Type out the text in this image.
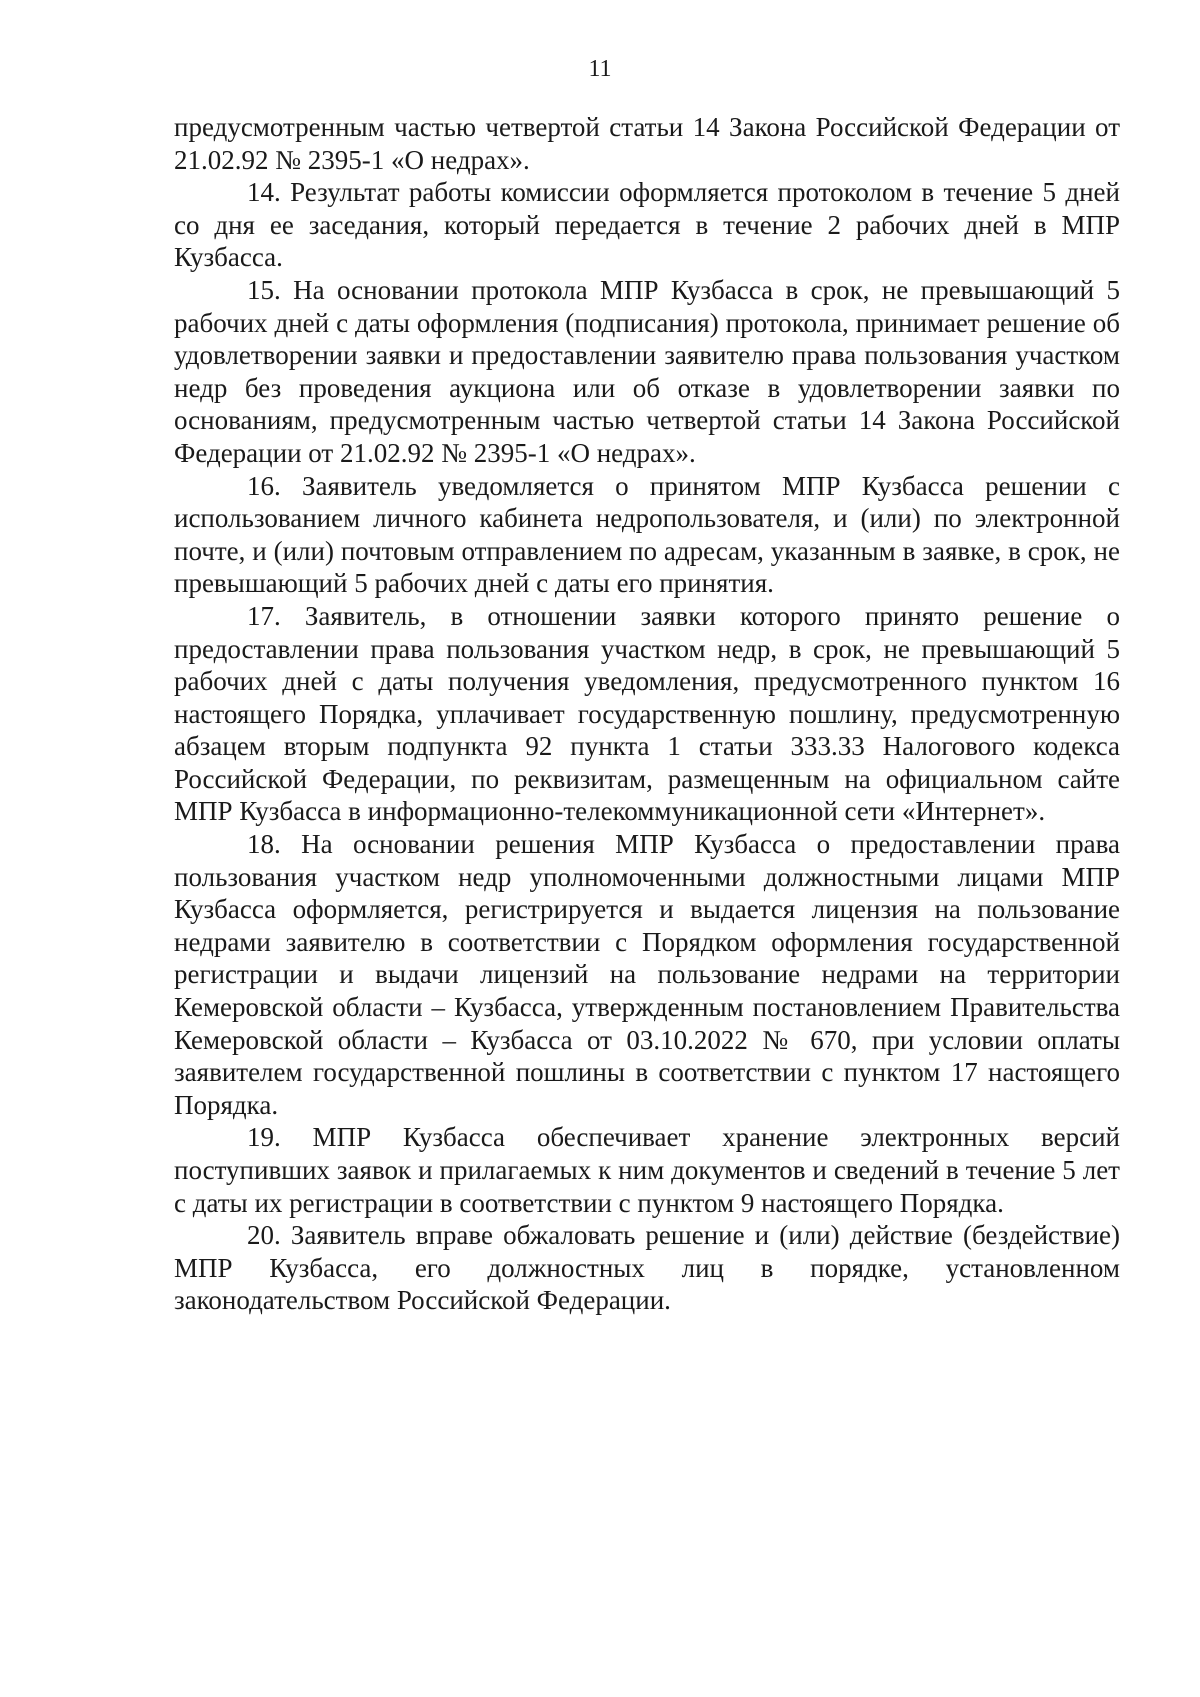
11

предусмотренным частью четвертой статьи 14 Закона Российской Федерации от 21.02.92 № 2395-1 «О недрах».

14. Результат работы комиссии оформляется протоколом в течение 5 дней со дня ее заседания, который передается в течение 2 рабочих дней в МПР Кузбасса.

15. На основании протокола МПР Кузбасса в срок, не превышающий 5 рабочих дней с даты оформления (подписания) протокола, принимает решение об удовлетворении заявки и предоставлении заявителю права пользования участком недр без проведения аукциона или об отказе в удовлетворении заявки по основаниям, предусмотренным частью четвертой статьи 14 Закона Российской Федерации от 21.02.92 № 2395-1 «О недрах».

16. Заявитель уведомляется о принятом МПР Кузбасса решении с использованием личного кабинета недропользователя, и (или) по электронной почте, и (или) почтовым отправлением по адресам, указанным в заявке, в срок, не превышающий 5 рабочих дней с даты его принятия.

17. Заявитель, в отношении заявки которого принято решение о предоставлении права пользования участком недр, в срок, не превышающий 5 рабочих дней с даты получения уведомления, предусмотренного пунктом 16 настоящего Порядка, уплачивает государственную пошлину, предусмотренную абзацем вторым подпункта 92 пункта 1 статьи 333.33 Налогового кодекса Российской Федерации, по реквизитам, размещенным на официальном сайте МПР Кузбасса в информационно-телекоммуникационной сети «Интернет».

18. На основании решения МПР Кузбасса о предоставлении права пользования участком недр уполномоченными должностными лицами МПР Кузбасса оформляется, регистрируется и выдается лицензия на пользование недрами заявителю в соответствии с Порядком оформления государственной регистрации и выдачи лицензий на пользование недрами на территории Кемеровской области – Кузбасса, утвержденным постановлением Правительства Кемеровской области – Кузбасса от 03.10.2022 № 670, при условии оплаты заявителем государственной пошлины в соответствии с пунктом 17 настоящего Порядка.

19. МПР Кузбасса обеспечивает хранение электронных версий поступивших заявок и прилагаемых к ним документов и сведений в течение 5 лет с даты их регистрации в соответствии с пунктом 9 настоящего Порядка.

20. Заявитель вправе обжаловать решение и (или) действие (бездействие) МПР Кузбасса, его должностных лиц в порядке, установленном законодательством Российской Федерации.
